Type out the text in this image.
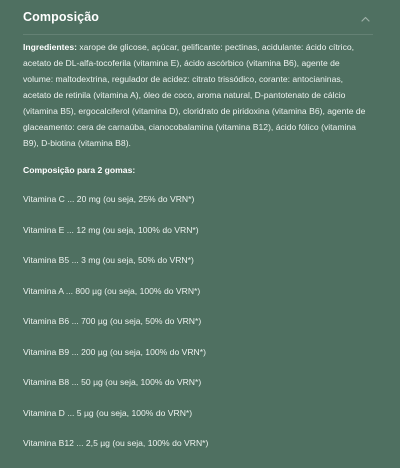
Composição

Ingredientes: xarope de glicose, açúcar, gelificante: pectinas, acidulante: ácido cítrico, acetato de DL-alfa-tocoferila (vitamina E), ácido ascórbico (vitamina B6), agente de volume: maltodextrina, regulador de acidez: citrato trissódico, corante: antocianinas, acetato de retinila (vitamina A), óleo de coco, aroma natural, D-pantotenato de cálcio (vitamina B5), ergocalciferol (vitamina D), cloridrato de piridoxina (vitamina B6), agente de glaceamento: cera de carnaúba, cianocobalamina (vitamina B12), ácido fólico (vitamina B9), D-biotina (vitamina B8).

Composição para 2 gomas:
Vitamina C ... 20 mg (ou seja, 25% do VRN*)
Vitamina E ... 12 mg (ou seja, 100% do VRN*)
Vitamina B5 ... 3 mg (ou seja, 50% do VRN*)
Vitamina A ... 800 µg (ou seja, 100% do VRN*)
Vitamina B6 ... 700 µg (ou seja, 50% do VRN*)
Vitamina B9 ... 200 µg (ou seja, 100% do VRN*)
Vitamina B8 ... 50 µg (ou seja, 100% do VRN*)
Vitamina D ... 5 µg (ou seja, 100% do VRN*)
Vitamina B12 ... 2,5 µg (ou seja, 100% do VRN*)
